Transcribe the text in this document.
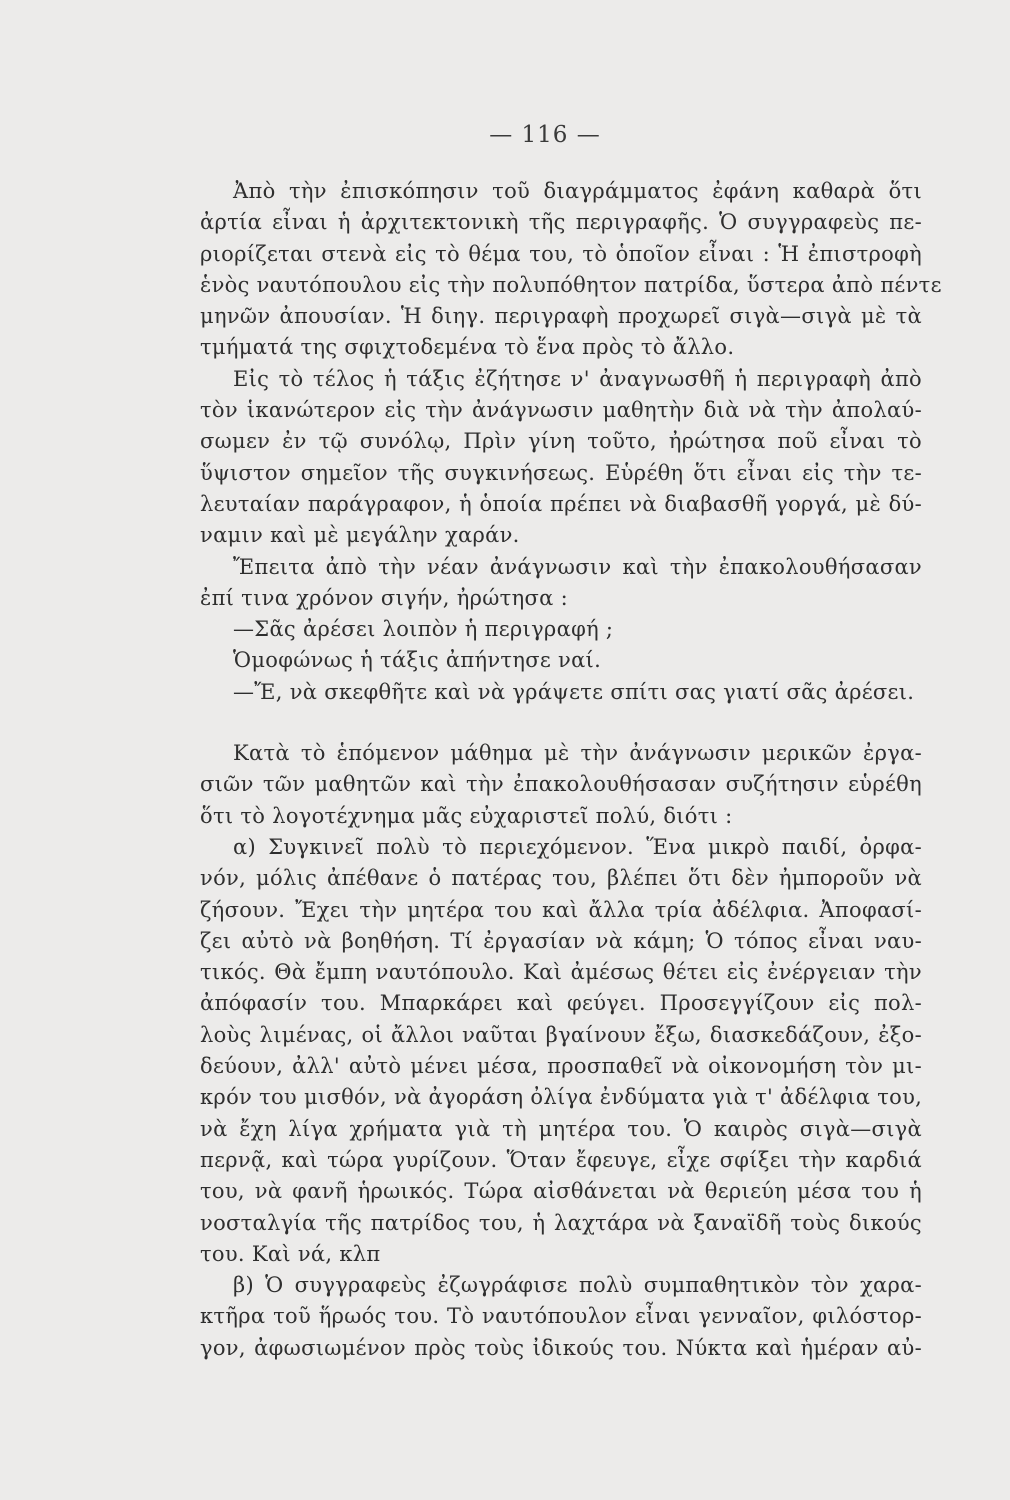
— 116 —
Ἀπὸ τὴν ἐπισκόπησιν τοῦ διαγράμματος ἐφάνη καθαρὰ ὅτι
ἀρτία εἶναι ἡ ἀρχιτεκτονικὴ τῆς περιγραφῆς. Ὁ συγγραφεὺς πε-
ριορίζεται στενὰ εἰς τὸ θέμα του, τὸ ὁποῖον εἶναι : Ἡ ἐπιστροφὴ
ἑνὸς ναυτόπουλου εἰς τὴν πολυπόθητον πατρίδα, ὕστερα ἀπὸ πέντε
μηνῶν ἀπουσίαν. Ἡ διηγ. περιγραφὴ προχωρεῖ σιγὰ—σιγὰ μὲ τὰ
τμήματά της σφιχτοδεμένα τὸ ἕνα πρὸς τὸ ἄλλο.
Εἰς τὸ τέλος ἡ τάξις ἐζήτησε ν' ἀναγνωσθῆ ἡ περιγραφὴ ἀπὸ
τὸν ἱκανώτερον εἰς τὴν ἀνάγνωσιν μαθητὴν διὰ νὰ τὴν ἀπολαύ-
σωμεν ἐν τῷ συνόλῳ, Πρὶν γίνη τοῦτο, ἠρώτησα ποῦ εἶναι τὸ
ὕψιστον σημεῖον τῆς συγκινήσεως. Εὑρέθη ὅτι εἶναι εἰς τὴν τε-
λευταίαν παράγραφον, ἡ ὁποία πρέπει νὰ διαβασθῆ γοργά, μὲ δύ-
ναμιν καὶ μὲ μεγάλην χαράν.
Ἔπειτα ἀπὸ τὴν νέαν ἀνάγνωσιν καὶ τὴν ἐπακολουθήσασαν
ἐπί τινα χρόνον σιγήν, ἠρώτησα :
—Σᾶς ἀρέσει λοιπὸν ἡ περιγραφή ;
Ὁμοφώνως ἡ τάξις ἀπήντησε ναί.
—Ἔ, νὰ σκεφθῆτε καὶ νὰ γράψετε σπίτι σας γιατί σᾶς ἀρέσει.
Κατὰ τὸ ἑπόμενον μάθημα μὲ τὴν ἀνάγνωσιν μερικῶν ἐργα-
σιῶν τῶν μαθητῶν καὶ τὴν ἐπακολουθήσασαν συζήτησιν εὑρέθη
ὅτι τὸ λογοτέχνημα μᾶς εὐχαριστεῖ πολύ, διότι :
α) Συγκινεῖ πολὺ τὸ περιεχόμενον. Ἕνα μικρὸ παιδί, ὀρφα-
νόν, μόλις ἀπέθανε ὁ πατέρας του, βλέπει ὅτι δὲν ἠμποροῦν νὰ
ζήσουν. Ἔχει τὴν μητέρα του καὶ ἄλλα τρία ἀδέλφια. Ἀποφασί-
ζει αὐτὸ νὰ βοηθήση. Τί ἐργασίαν νὰ κάμη; Ὁ τόπος εἶναι ναυ-
τικός. Θὰ ἔμπη ναυτόπουλο. Καὶ ἀμέσως θέτει εἰς ἐνέργειαν τὴν
ἀπόφασίν του. Μπαρκάρει καὶ φεύγει. Προσεγγίζουν εἰς πολ-
λοὺς λιμένας, οἱ ἄλλοι ναῦται βγαίνουν ἔξω, διασκεδάζουν, ἐξο-
δεύουν, ἀλλ' αὐτὸ μένει μέσα, προσπαθεῖ νὰ οἰκονομήση τὸν μι-
κρόν του μισθόν, νὰ ἀγοράση ὀλίγα ἐνδύματα γιὰ τ' ἀδέλφια του,
νὰ ἔχη λίγα χρήματα γιὰ τὴ μητέρα του. Ὁ καιρὸς σιγὰ—σιγὰ
περνᾷ, καὶ τώρα γυρίζουν. Ὅταν ἔφευγε, εἶχε σφίξει τὴν καρδιά
του, νὰ φανῆ ἡρωικός. Τώρα αἰσθάνεται νὰ θεριεύη μέσα του ἡ
νοσταλγία τῆς πατρίδος του, ἡ λαχτάρα νὰ ξαναϊδῆ τοὺς δικούς
του. Καὶ νά, κλπ
β) Ὁ συγγραφεὺς ἐζωγράφισε πολὺ συμπαθητικὸν τὸν χαρα-
κτῆρα τοῦ ἥρωός του. Τὸ ναυτόπουλον εἶναι γενναῖον, φιλόστορ-
γον, ἀφωσιωμένον πρὸς τοὺς ἰδικούς του. Νύκτα καὶ ἡμέραν αὐ-
